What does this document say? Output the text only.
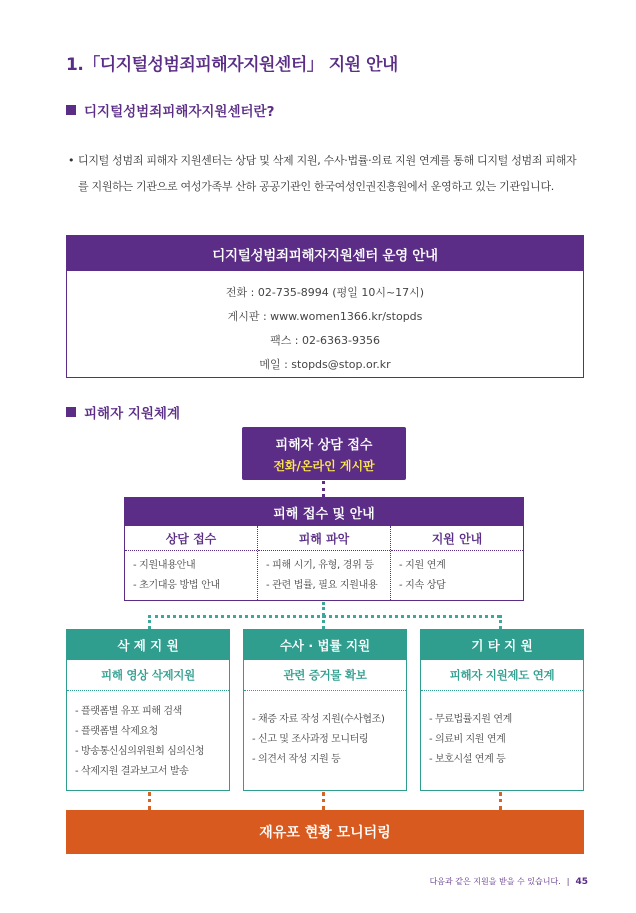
1.「디지털성범죄피해자지원센터」 지원 안내
디지털성범죄피해자지원센터란?
• 디지털 성범죄 피해자 지원센터는 상담 및 삭제 지원, 수사·법률·의료 지원 연계를 통해 디지털 성범죄 피해자를 지원하는 기관으로 여성가족부 산하 공공기관인 한국여성인권진흥원에서 운영하고 있는 기관입니다.
디지털성범죄피해자지원센터 운영 안내
전화 : 02-735-8994 (평일 10시~17시)
게시판 : www.women1366.kr/stopds
팩스 : 02-6363-9356
메일 : stopds@stop.or.kr
피해자 지원체계
피해자 상담 접수
전화/온라인 게시판
피해 접수 및 안내
상담 접수
- 지원내용안내
- 초기대응 방법 안내
피해 파악
- 피해 시기, 유형, 경위 등
- 관련 법률, 필요 지원내용
지원 안내
- 지원 연계
- 지속 상담
삭 제 지 원
피해 영상 삭제지원
- 플랫폼별 유포 피해 검색
- 플랫폼별 삭제요청
- 방송통신심의위원회 심의신청
- 삭제지원 결과보고서 발송
수사 · 법률 지원
관련 증거물 확보
- 채증 자료 작성 지원(수사협조)
- 신고 및 조사과정 모니터링
- 의견서 작성 지원 등
기 타 지 원
피해자 지원제도 연계
- 무료법률지원 연계
- 의료비 지원 연계
- 보호시설 연계 등
재유포 현황 모니터링
다음과 같은 지원을 받을 수 있습니다. | 45
